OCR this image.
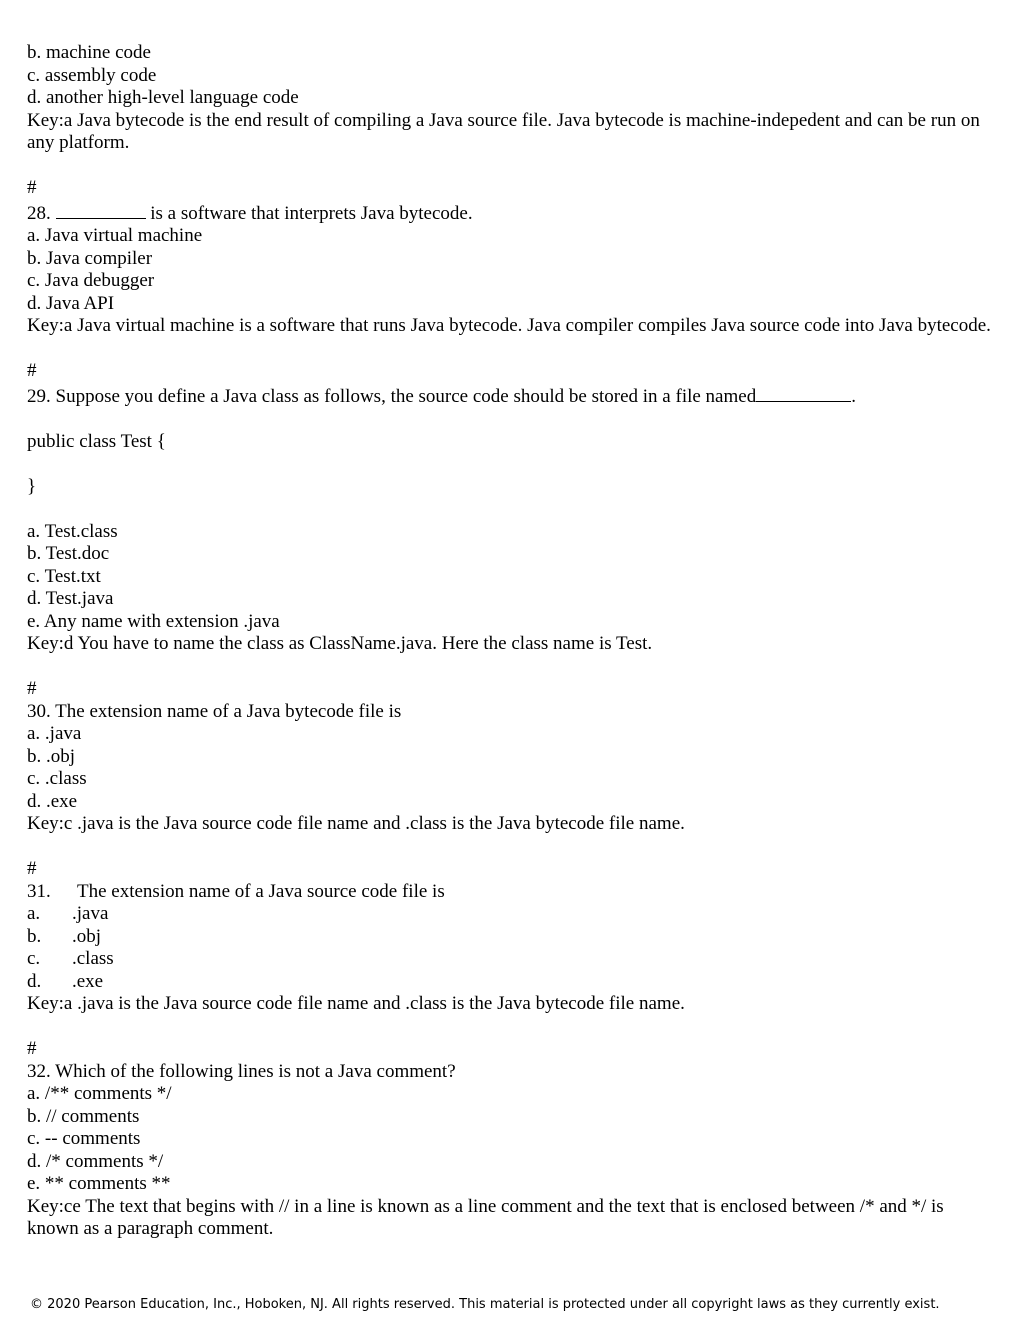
b. machine code
c. assembly code
d. another high-level language code
Key:a Java bytecode is the end result of compiling a Java source file. Java bytecode is machine-indepedent and can be run on any platform.
#
28.	is a software that interprets Java bytecode.
a. Java virtual machine
b. Java compiler
c. Java debugger
d. Java API
Key:a Java virtual machine is a software that runs Java bytecode. Java compiler compiles Java source code into Java bytecode.
#
29. Suppose you define a Java class as follows, the source code should be stored in a file named	.
public class Test {
}
a. Test.class
b. Test.doc
c. Test.txt
d. Test.java
e. Any name with extension .java
Key:d You have to name the class as ClassName.java. Here the class name is Test.
#
30. The extension name of a Java bytecode file is
a. .java
b. .obj
c. .class
d. .exe
Key:c .java is the Java source code file name and .class is the Java bytecode file name.
#
31. The extension name of a Java source code file is
a. .java
b. .obj
c. .class
d. .exe
Key:a .java is the Java source code file name and .class is the Java bytecode file name.
#
32. Which of the following lines is not a Java comment?
a. /** comments */
b. // comments
c. -- comments
d. /* comments */
e. ** comments **
Key:ce The text that begins with // in a line is known as a line comment and the text that is enclosed between /* and */ is known as a paragraph comment.
© 2020 Pearson Education, Inc., Hoboken, NJ. All rights reserved. This material is protected under all copyright laws as they currently exist.
